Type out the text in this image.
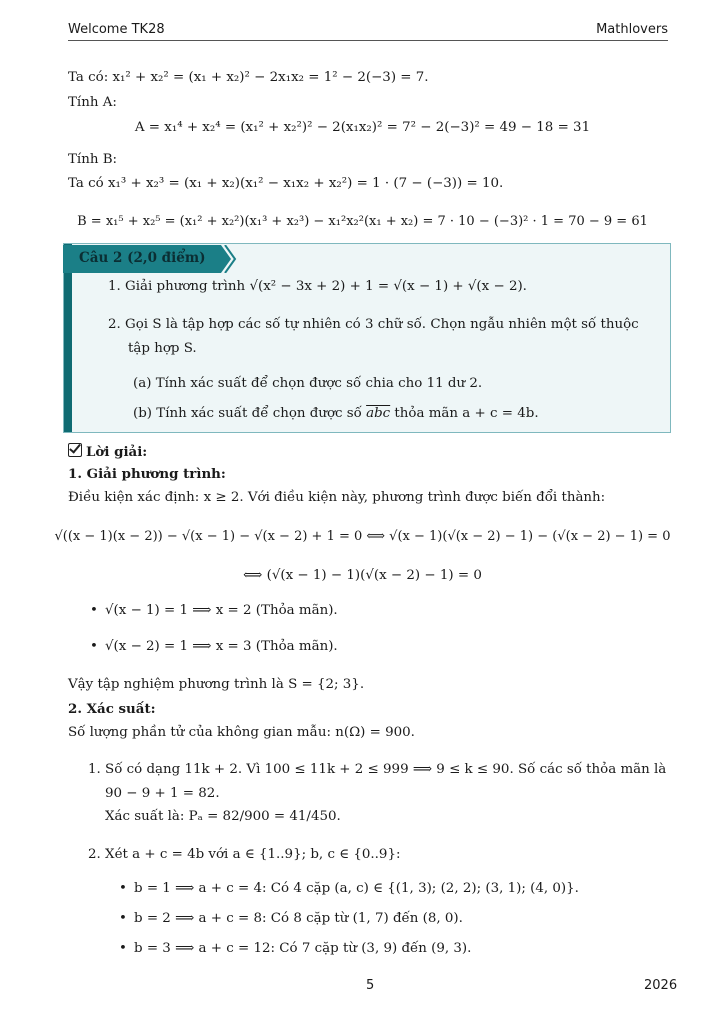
Welcome TK28	Mathlovers
Ta có: x₁² + x₂² = (x₁ + x₂)² − 2x₁x₂ = 1² − 2(−3) = 7.
Tính A:
A = x₁⁴ + x₂⁴ = (x₁² + x₂²)² − 2(x₁x₂)² = 7² − 2(−3)² = 49 − 18 = 31
Tính B:
Ta có x₁³ + x₂³ = (x₁ + x₂)(x₁² − x₁x₂ + x₂²) = 1 · (7 − (−3)) = 10.
B = x₁⁵ + x₂⁵ = (x₁² + x₂²)(x₁³ + x₂³) − x₁²x₂²(x₁ + x₂) = 7 · 10 − (−3)² · 1 = 70 − 9 = 61
Câu 2 (2,0 điểm)
1. Giải phương trình √(x² − 3x + 2) + 1 = √(x − 1) + √(x − 2).
2. Gọi S là tập hợp các số tự nhiên có 3 chữ số. Chọn ngẫu nhiên một số thuộc
tập hợp S.
(a) Tính xác suất để chọn được số chia cho 11 dư 2.
(b) Tính xác suất để chọn được số $\overline{abc}$ thỏa mãn a + c = 4b.
Lời giải:
1. Giải phương trình:
Điều kiện xác định: x ≥ 2. Với điều kiện này, phương trình được biến đổi thành:
√((x − 1)(x − 2)) − √(x − 1) − √(x − 2) + 1 = 0 ⟺ √(x − 1)(√(x − 2) − 1) − (√(x − 2) − 1) = 0
⟺ (√(x − 1) − 1)(√(x − 2) − 1) = 0
• √(x − 1) = 1 ⟹ x = 2 (Thỏa mãn).
• √(x − 2) = 1 ⟹ x = 3 (Thỏa mãn).
Vậy tập nghiệm phương trình là S = {2; 3}.
2. Xác suất:
Số lượng phần tử của không gian mẫu: n(Ω) = 900.
1. Số có dạng 11k + 2. Vì 100 ≤ 11k + 2 ≤ 999 ⟹ 9 ≤ k ≤ 90. Số các số thỏa mãn là
90 − 9 + 1 = 82.
Xác suất là: Pₐ = 82/900 = 41/450.
2. Xét a + c = 4b với a ∈ {1..9}; b, c ∈ {0..9}:
• b = 1 ⟹ a + c = 4: Có 4 cặp (a, c) ∈ {(1, 3); (2, 2); (3, 1); (4, 0)}.
• b = 2 ⟹ a + c = 8: Có 8 cặp từ (1, 7) đến (8, 0).
• b = 3 ⟹ a + c = 12: Có 7 cặp từ (3, 9) đến (9, 3).
5	2026
